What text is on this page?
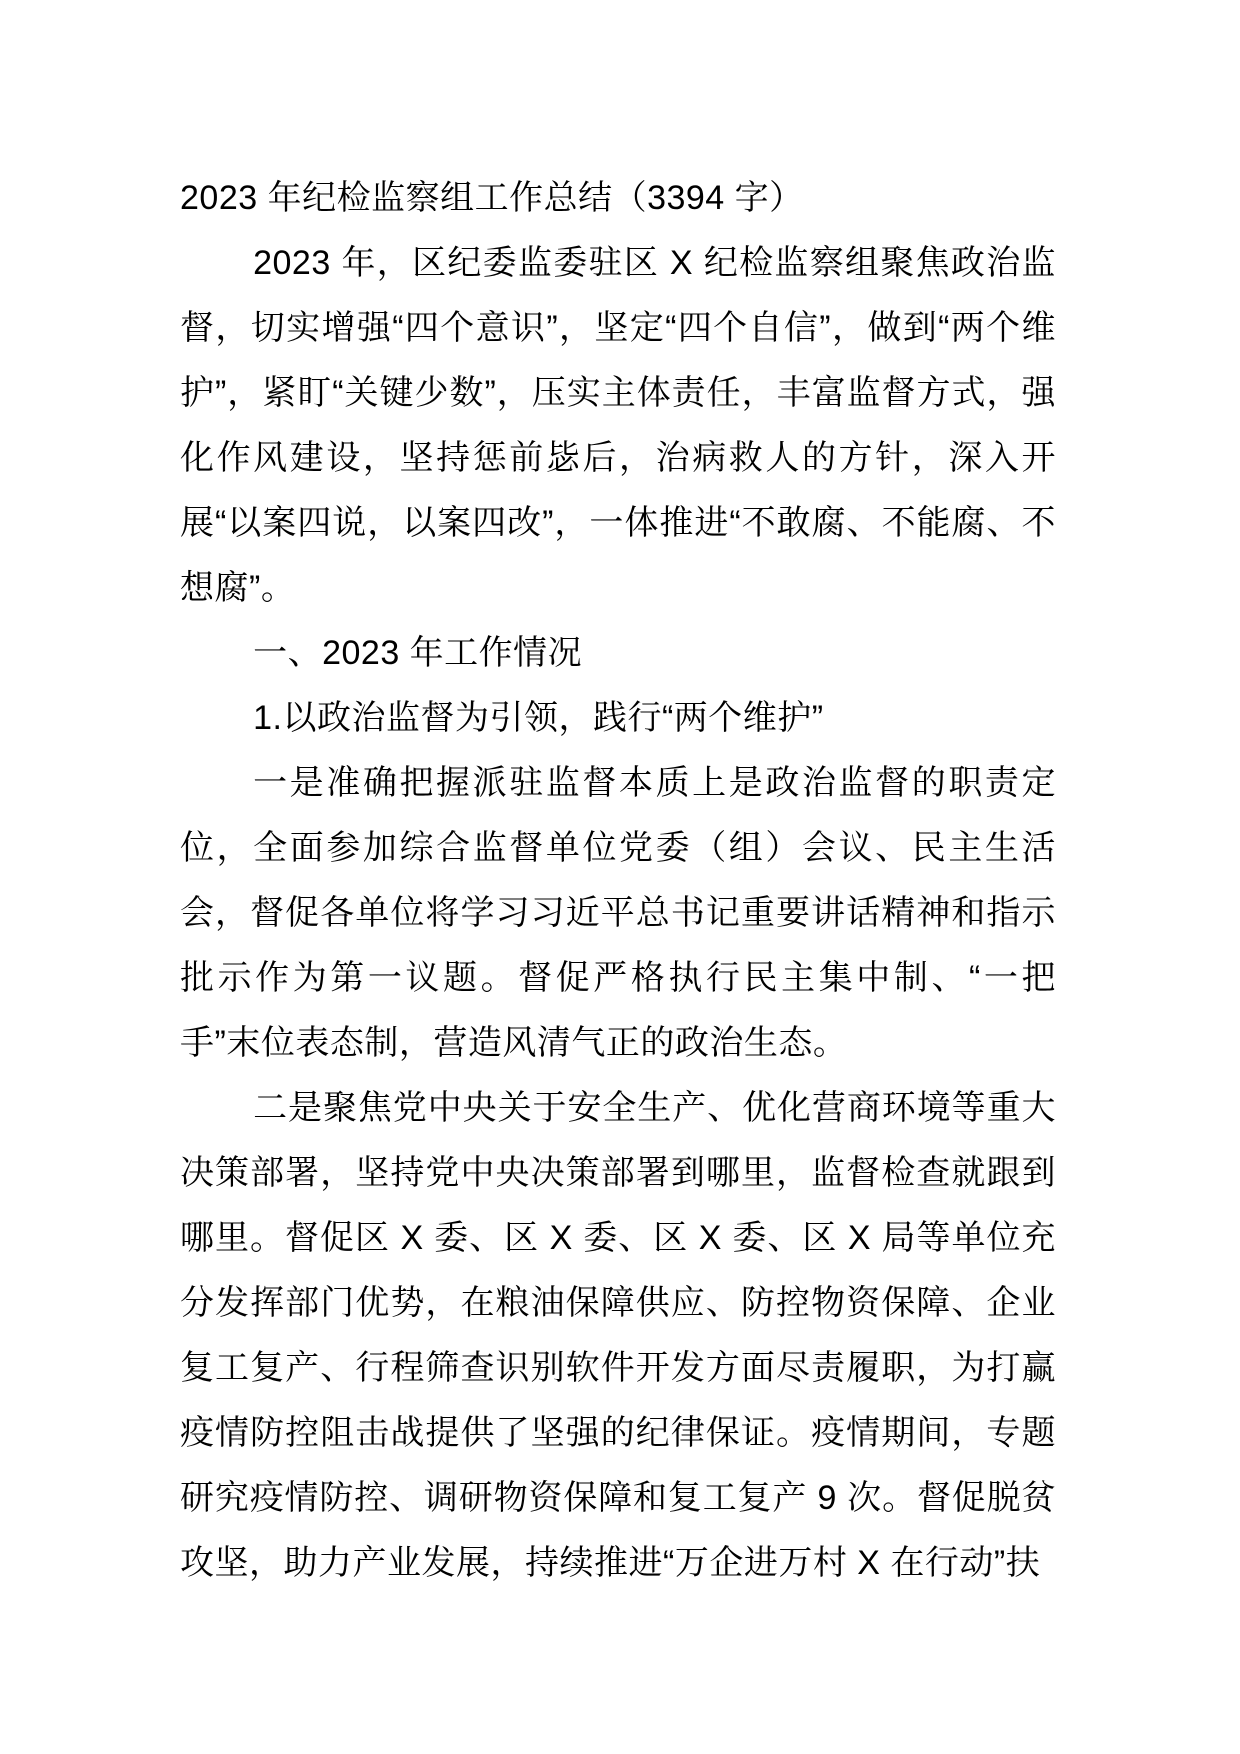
2023 年纪检监察组工作总结（3394 字）

2023 年，区纪委监委驻区 X 纪检监察组聚焦政治监督，切实增强“四个意识”，坚定“四个自信”，做到“两个维护”，紧盯“关键少数”，压实主体责任，丰富监督方式，强化作风建设，坚持惩前毖后，治病救人的方针，深入开展“以案四说，以案四改”，一体推进“不敢腐、不能腐、不想腐”。

一、2023 年工作情况

1.以政治监督为引领，践行“两个维护”

一是准确把握派驻监督本质上是政治监督的职责定位，全面参加综合监督单位党委（组）会议、民主生活会，督促各单位将学习习近平总书记重要讲话精神和指示批示作为第一议题。督促严格执行民主集中制、“一把手”末位表态制，营造风清气正的政治生态。

二是聚焦党中央关于安全生产、优化营商环境等重大决策部署，坚持党中央决策部署到哪里，监督检查就跟到哪里。督促区 X 委、区 X 委、区 X 委、区 X 局等单位充分发挥部门优势，在粮油保障供应、防控物资保障、企业复工复产、行程筛查识别软件开发方面尽责履职，为打赢疫情防控阻击战提供了坚强的纪律保证。疫情期间，专题研究疫情防控、调研物资保障和复工复产 9 次。督促脱贫攻坚，助力产业发展，持续推进“万企进万村 X 在行动”扶
